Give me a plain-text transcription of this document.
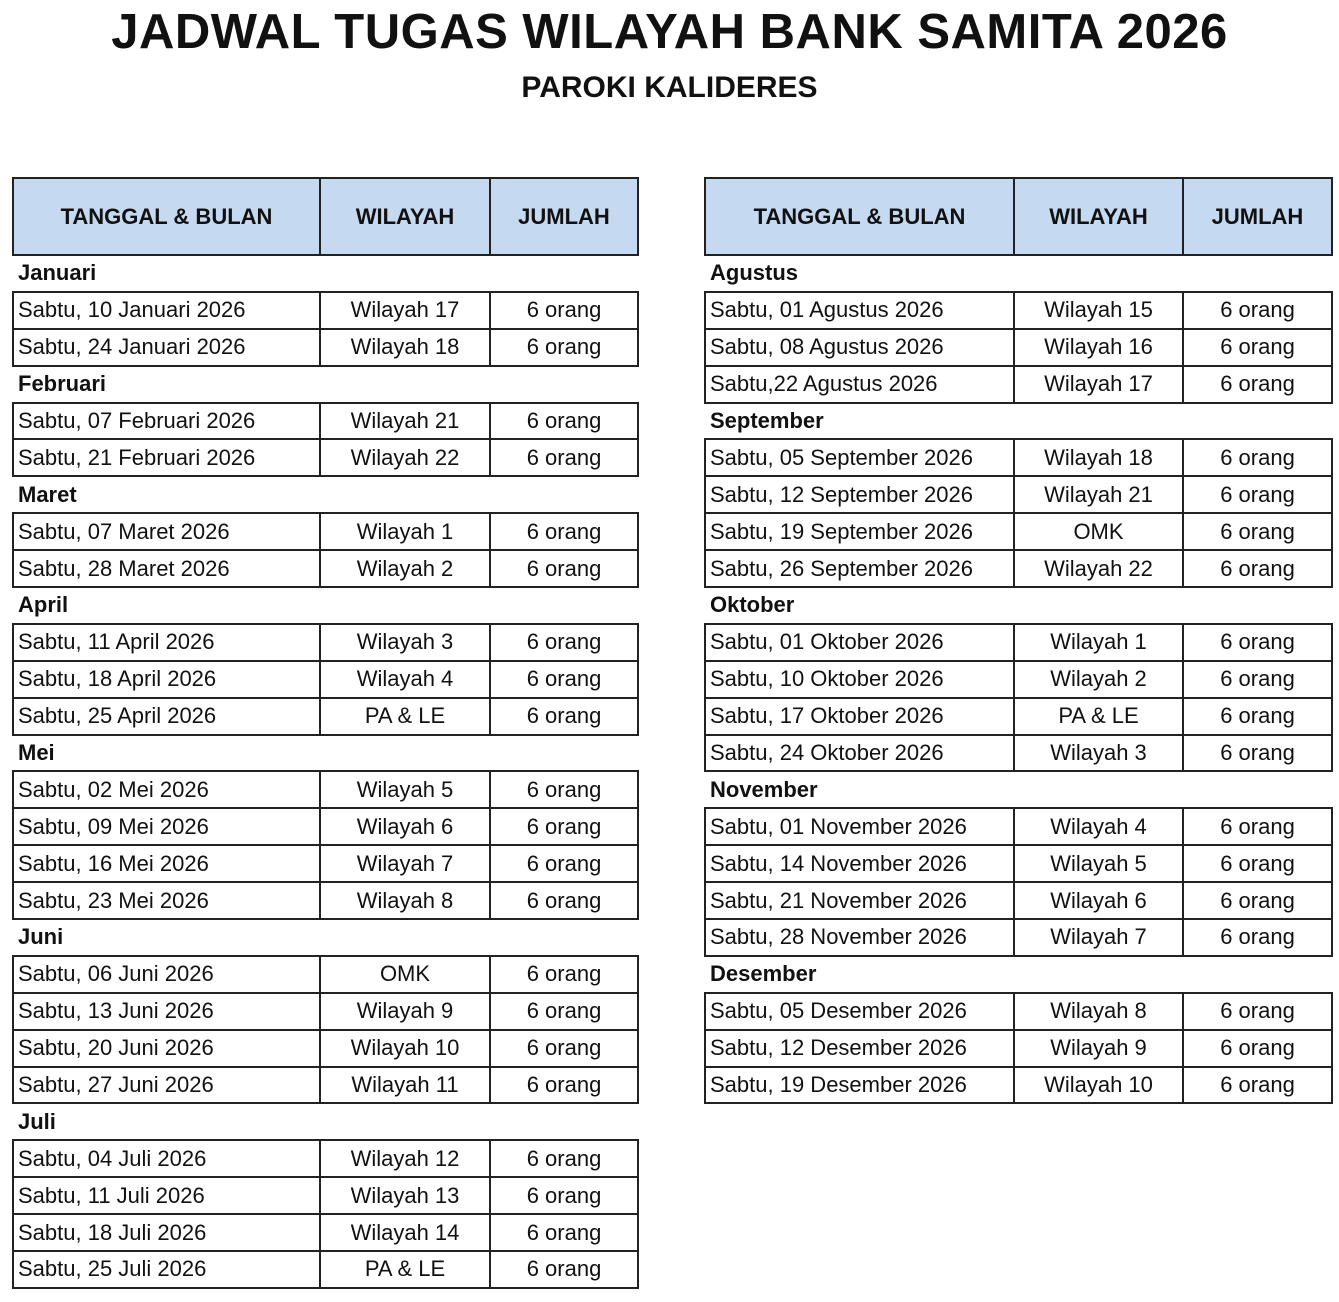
JADWAL TUGAS WILAYAH BANK SAMITA 2026
PAROKI KALIDERES
TANGGAL & BULAN	WILAYAH	JUMLAH
Januari		
Sabtu, 10 Januari 2026	Wilayah 17	6 orang
Sabtu, 24 Januari 2026	Wilayah 18	6 orang
Februari		
Sabtu, 07 Februari 2026	Wilayah 21	6 orang
Sabtu, 21 Februari 2026	Wilayah 22	6 orang
Maret		
Sabtu, 07 Maret 2026	Wilayah 1	6 orang
Sabtu, 28 Maret 2026	Wilayah 2	6 orang
April		
Sabtu, 11 April 2026	Wilayah 3	6 orang
Sabtu, 18 April 2026	Wilayah 4	6 orang
Sabtu, 25 April 2026	PA & LE	6 orang
Mei		
Sabtu, 02 Mei 2026	Wilayah 5	6 orang
Sabtu, 09 Mei 2026	Wilayah 6	6 orang
Sabtu, 16 Mei 2026	Wilayah 7	6 orang
Sabtu, 23 Mei 2026	Wilayah 8	6 orang
Juni		
Sabtu, 06 Juni 2026	OMK	6 orang
Sabtu, 13 Juni 2026	Wilayah 9	6 orang
Sabtu, 20 Juni 2026	Wilayah 10	6 orang
Sabtu, 27 Juni 2026	Wilayah 11	6 orang
Juli		
Sabtu, 04 Juli 2026	Wilayah 12	6 orang
Sabtu, 11 Juli 2026	Wilayah 13	6 orang
Sabtu, 18 Juli 2026	Wilayah 14	6 orang
Sabtu, 25 Juli 2026	PA & LE	6 orang
TANGGAL & BULAN	WILAYAH	JUMLAH
Agustus		
Sabtu, 01 Agustus 2026	Wilayah 15	6 orang
Sabtu, 08 Agustus 2026	Wilayah 16	6 orang
Sabtu,22 Agustus 2026	Wilayah 17	6 orang
September		
Sabtu, 05 September 2026	Wilayah 18	6 orang
Sabtu, 12 September 2026	Wilayah 21	6 orang
Sabtu, 19 September 2026	OMK	6 orang
Sabtu, 26 September 2026	Wilayah 22	6 orang
Oktober		
Sabtu, 01 Oktober 2026	Wilayah 1	6 orang
Sabtu, 10 Oktober 2026	Wilayah 2	6 orang
Sabtu, 17 Oktober 2026	PA & LE	6 orang
Sabtu, 24 Oktober 2026	Wilayah 3	6 orang
November		
Sabtu, 01 November 2026	Wilayah 4	6 orang
Sabtu, 14 November 2026	Wilayah 5	6 orang
Sabtu, 21 November 2026	Wilayah 6	6 orang
Sabtu, 28 November 2026	Wilayah 7	6 orang
Desember		
Sabtu, 05 Desember 2026	Wilayah 8	6 orang
Sabtu, 12 Desember 2026	Wilayah 9	6 orang
Sabtu, 19 Desember 2026	Wilayah 10	6 orang
